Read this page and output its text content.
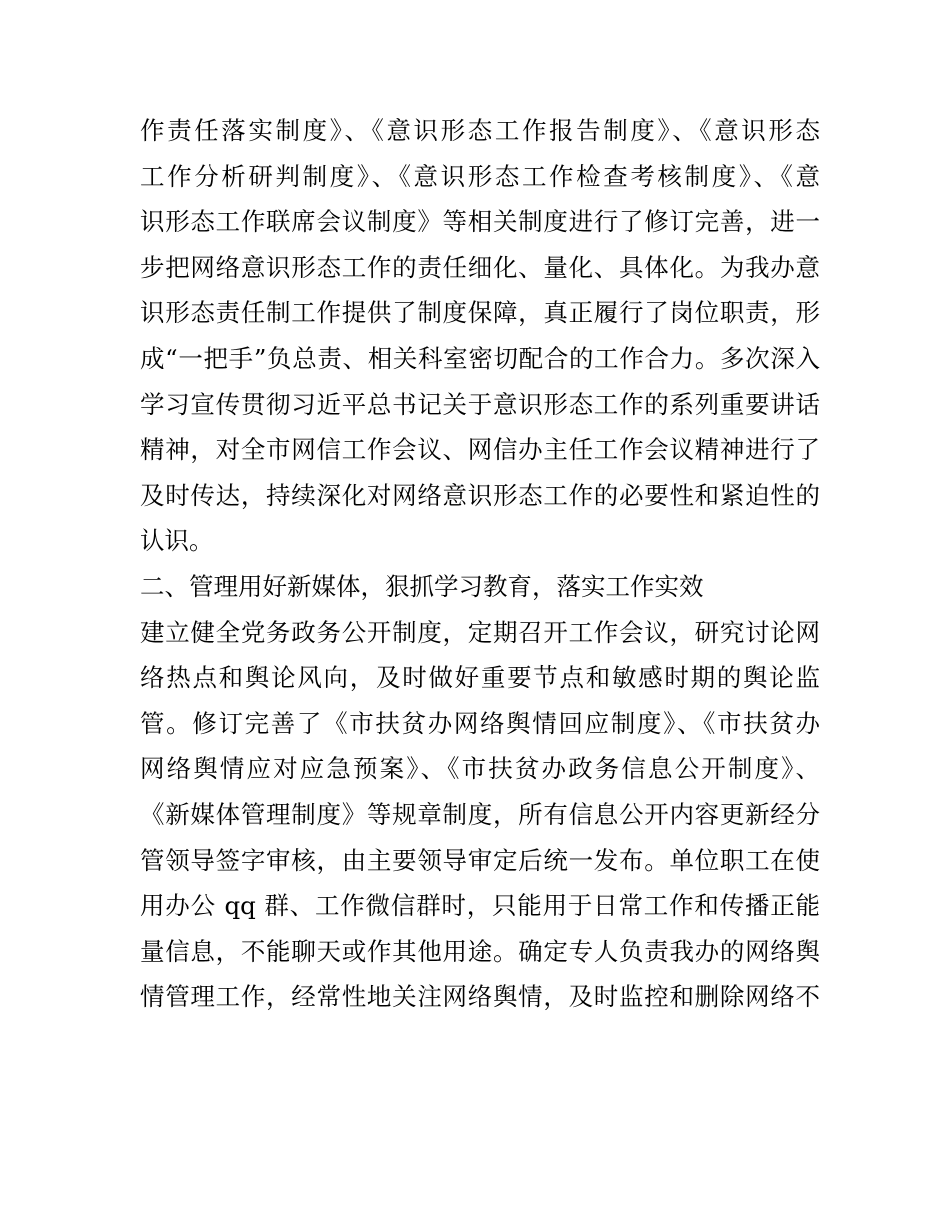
作责任落实制度》、《意识形态工作报告制度》、《意识形态
工作分析研判制度》、《意识形态工作检查考核制度》、《意
识形态工作联席会议制度》等相关制度进行了修订完善，进一
步把网络意识形态工作的责任细化、量化、具体化。为我办意
识形态责任制工作提供了制度保障，真正履行了岗位职责，形
成“一把手”负总责、相关科室密切配合的工作合力。多次深入
学习宣传贯彻习近平总书记关于意识形态工作的系列重要讲话
精神，对全市网信工作会议、网信办主任工作会议精神进行了
及时传达，持续深化对网络意识形态工作的必要性和紧迫性的
认识。
二、管理用好新媒体，狠抓学习教育，落实工作实效
建立健全党务政务公开制度，定期召开工作会议，研究讨论网
络热点和舆论风向，及时做好重要节点和敏感时期的舆论监
管。修订完善了《市扶贫办网络舆情回应制度》、《市扶贫办
网络舆情应对应急预案》、《市扶贫办政务信息公开制度》、
《新媒体管理制度》等规章制度，所有信息公开内容更新经分
管领导签字审核，由主要领导审定后统一发布。单位职工在使
用办公 qq 群、工作微信群时，只能用于日常工作和传播正能
量信息，不能聊天或作其他用途。确定专人负责我办的网络舆
情管理工作，经常性地关注网络舆情，及时监控和删除网络不
